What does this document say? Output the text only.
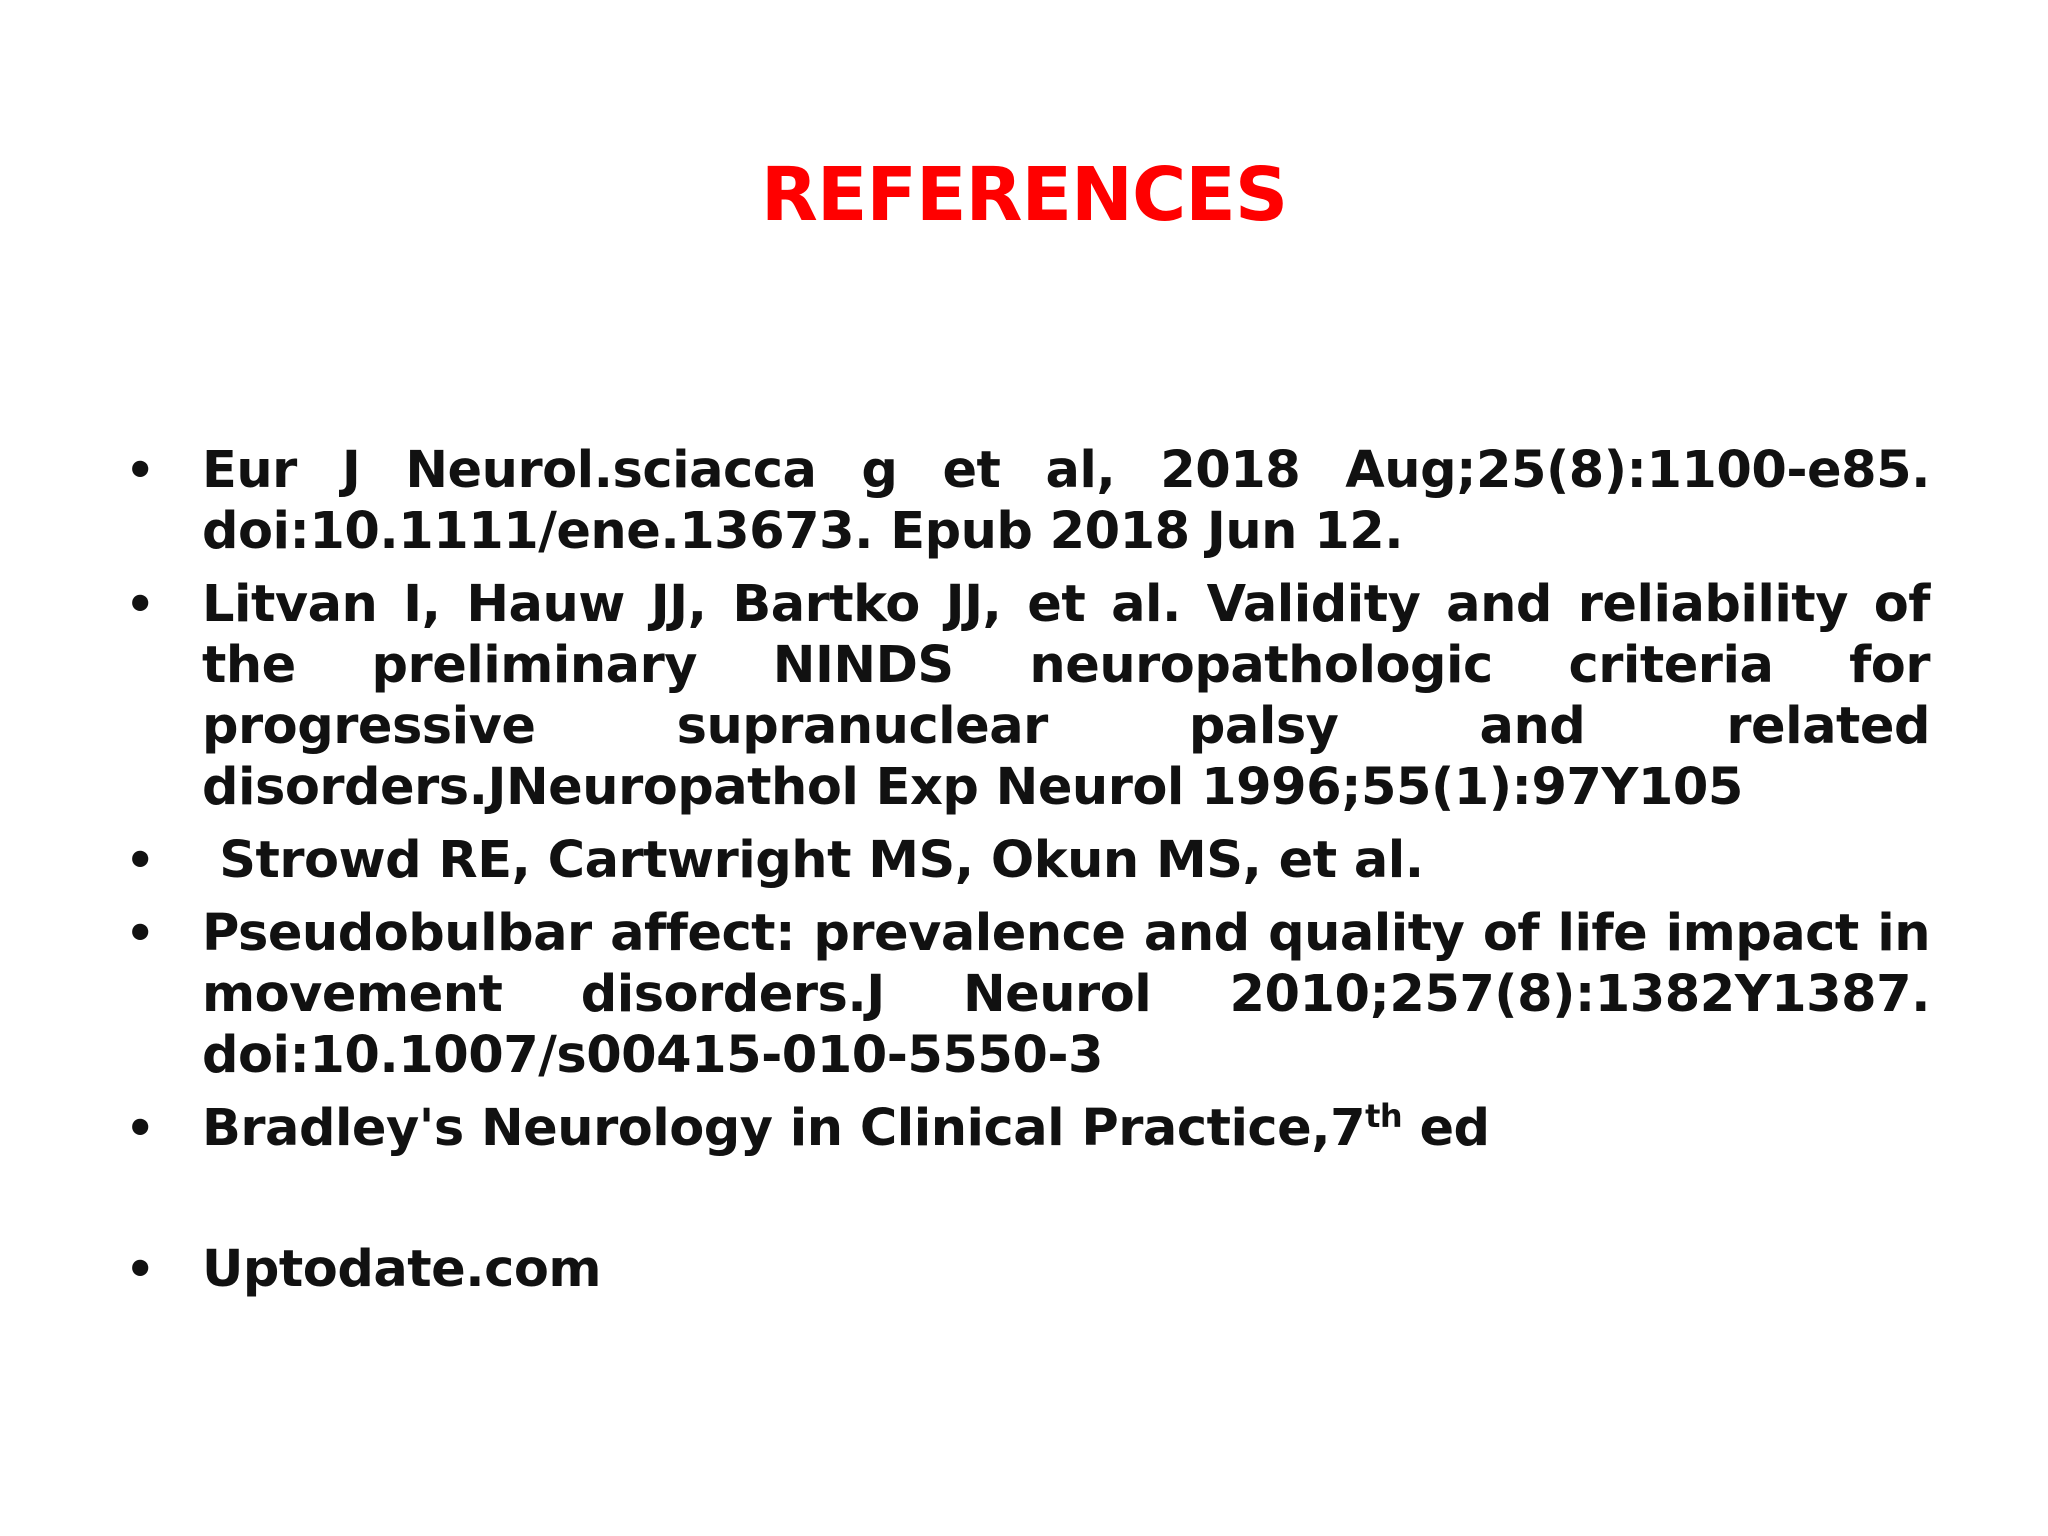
REFERENCES
• Eur J Neurol.sciacca g et al, 2018 Aug;25(8):1100-e85. doi:10.1111/ene.13673. Epub 2018 Jun 12.
• Litvan I, Hauw JJ, Bartko JJ, et al. Validity and reliability of the preliminary NINDS neuropathologic criteria for progressive supranuclear palsy and related disorders.JNeuropathol Exp Neurol 1996;55(1):97Y105
• Strowd RE, Cartwright MS, Okun MS, et al.
• Pseudobulbar affect: prevalence and quality of life impact in movement disorders.J Neurol 2010;257(8):1382Y1387. doi:10.1007/s00415-010-5550-3
• Bradley's Neurology in Clinical Practice,7th ed
• Uptodate.com
